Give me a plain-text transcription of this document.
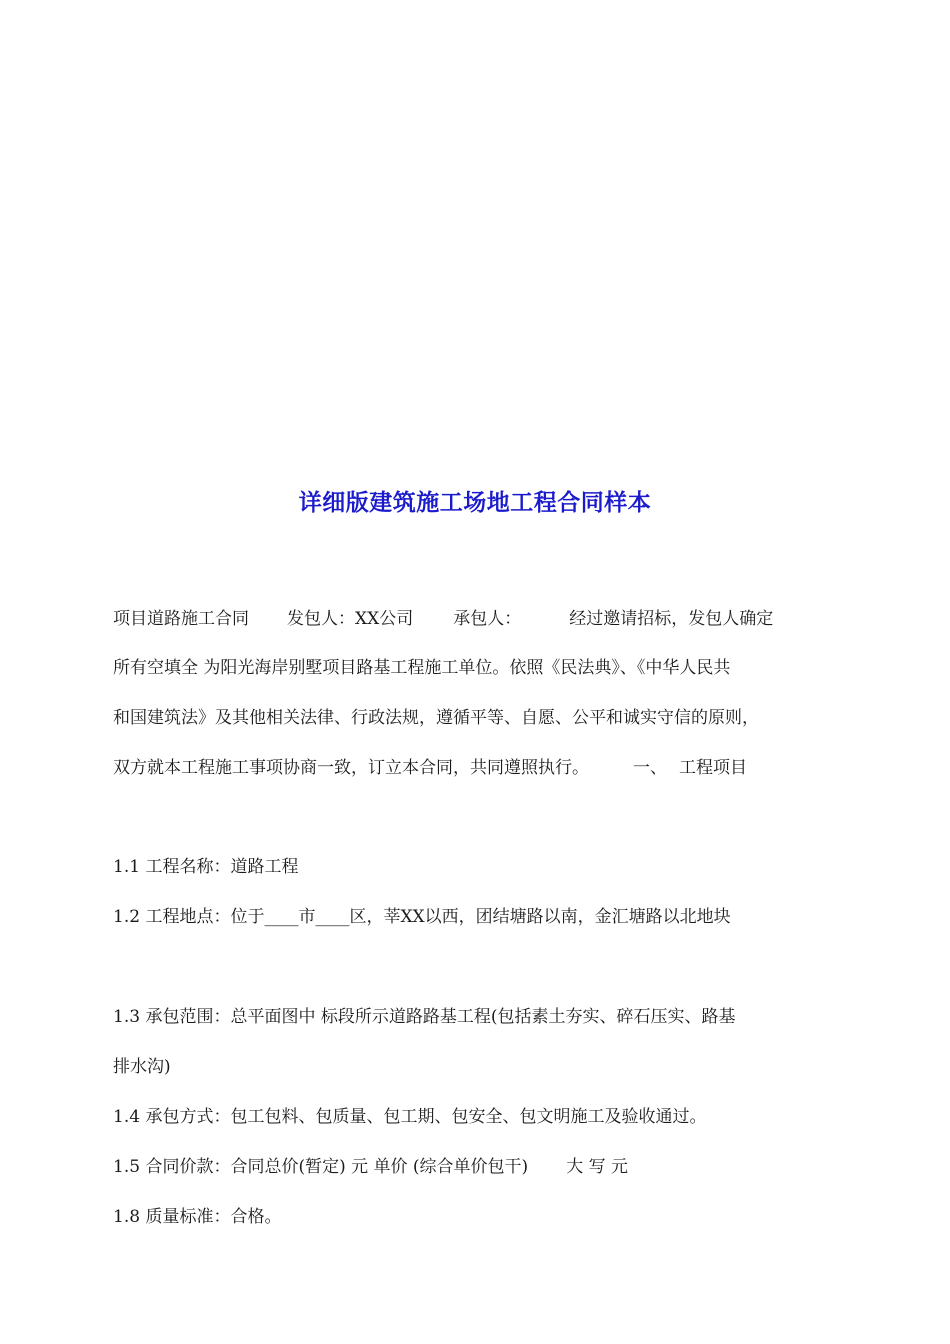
详细版建筑施工场地工程合同样本
项目道路施工合同 发包人：XX公司 承包人：	经过邀请招标，发包人确定
所有空填全 为阳光海岸别墅项目路基工程施工单位。依照《民法典》、《中华人民共
和国建筑法》及其他相关法律、行政法规，遵循平等、自愿、公平和诚实守信的原则，
双方就本工程施工事项协商一致，订立本合同，共同遵照执行。	一、 工程项目
1.1 工程名称：道路工程
1.2 工程地点：位于____市____区，莘XX以西，团结塘路以南，金汇塘路以北地块
1.3 承包范围：总平面图中 标段所示道路路基工程(包括素土夯实、碎石压实、路基
排水沟)
1.4 承包方式：包工包料、包质量、包工期、包安全、包文明施工及验收通过。
1.5 合同价款：合同总价(暂定) 元 单价 (综合单价包干) 大 写 元
1.8 质量标准：合格。
